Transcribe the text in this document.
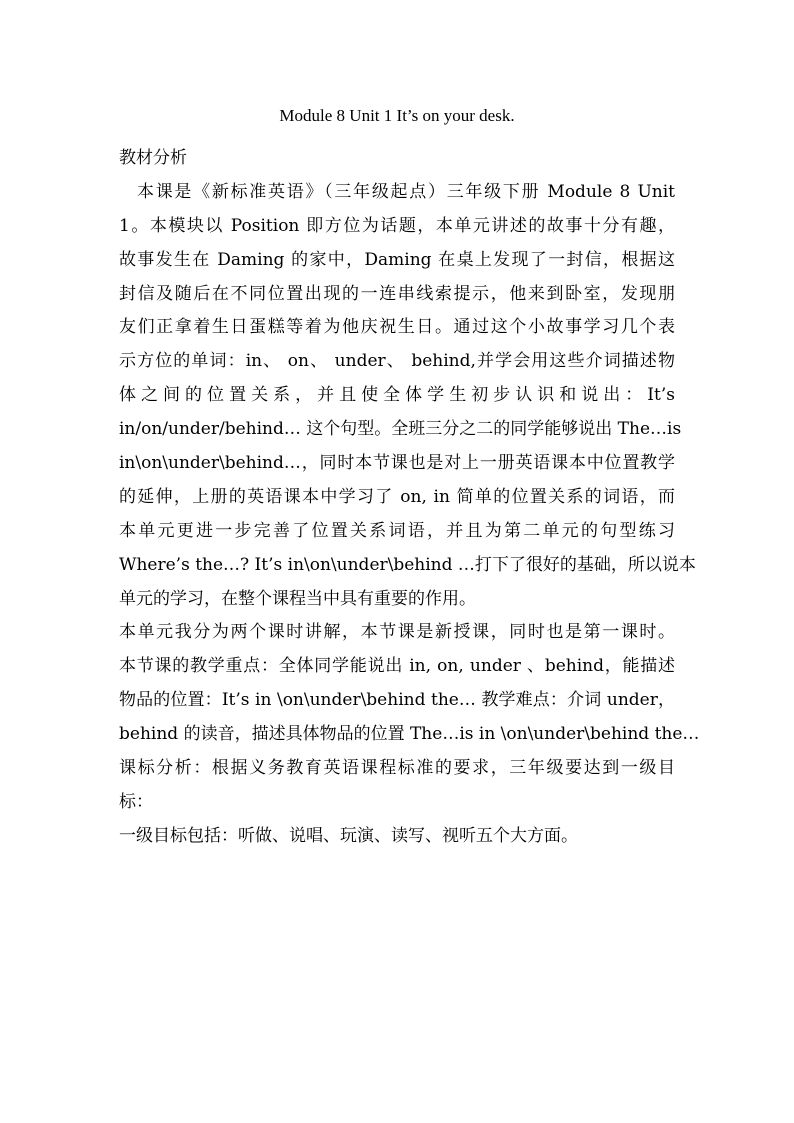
Module 8 Unit 1 It’s on your desk.
教材分析
本课是《新标准英语》（三年级起点）三年级下册 Module 8 Unit
1。本模块以 Position 即方位为话题，本单元讲述的故事十分有趣，
故事发生在 Daming 的家中，Daming 在桌上发现了一封信，根据这
封信及随后在不同位置出现的一连串线索提示，他来到卧室，发现朋
友们正拿着生日蛋糕等着为他庆祝生日。通过这个小故事学习几个表
示方位的单词：in、 on、 under、 behind,并学会用这些介词描述物
体之间的位置关系，并且使全体学生初步认识和说出：It’s
in/on/under/behind… 这个句型。全班三分之二的同学能够说出 The…is
in\on\under\behind…，同时本节课也是对上一册英语课本中位置教学
的延伸，上册的英语课本中学习了 on, in 简单的位置关系的词语，而
本单元更进一步完善了位置关系词语，并且为第二单元的句型练习
Where’s the…? It’s in\on\under\behind …打下了很好的基础，所以说本
单元的学习，在整个课程当中具有重要的作用。
本单元我分为两个课时讲解，本节课是新授课，同时也是第一课时。
本节课的教学重点：全体同学能说出 in, on, under 、behind，能描述
物品的位置：It’s in \on\under\behind the… 教学难点：介词 under，
behind 的读音，描述具体物品的位置 The…is in \on\under\behind the…
课标分析：根据义务教育英语课程标准的要求，三年级要达到一级目
标：
一级目标包括：听做、说唱、玩演、读写、视听五个大方面。
